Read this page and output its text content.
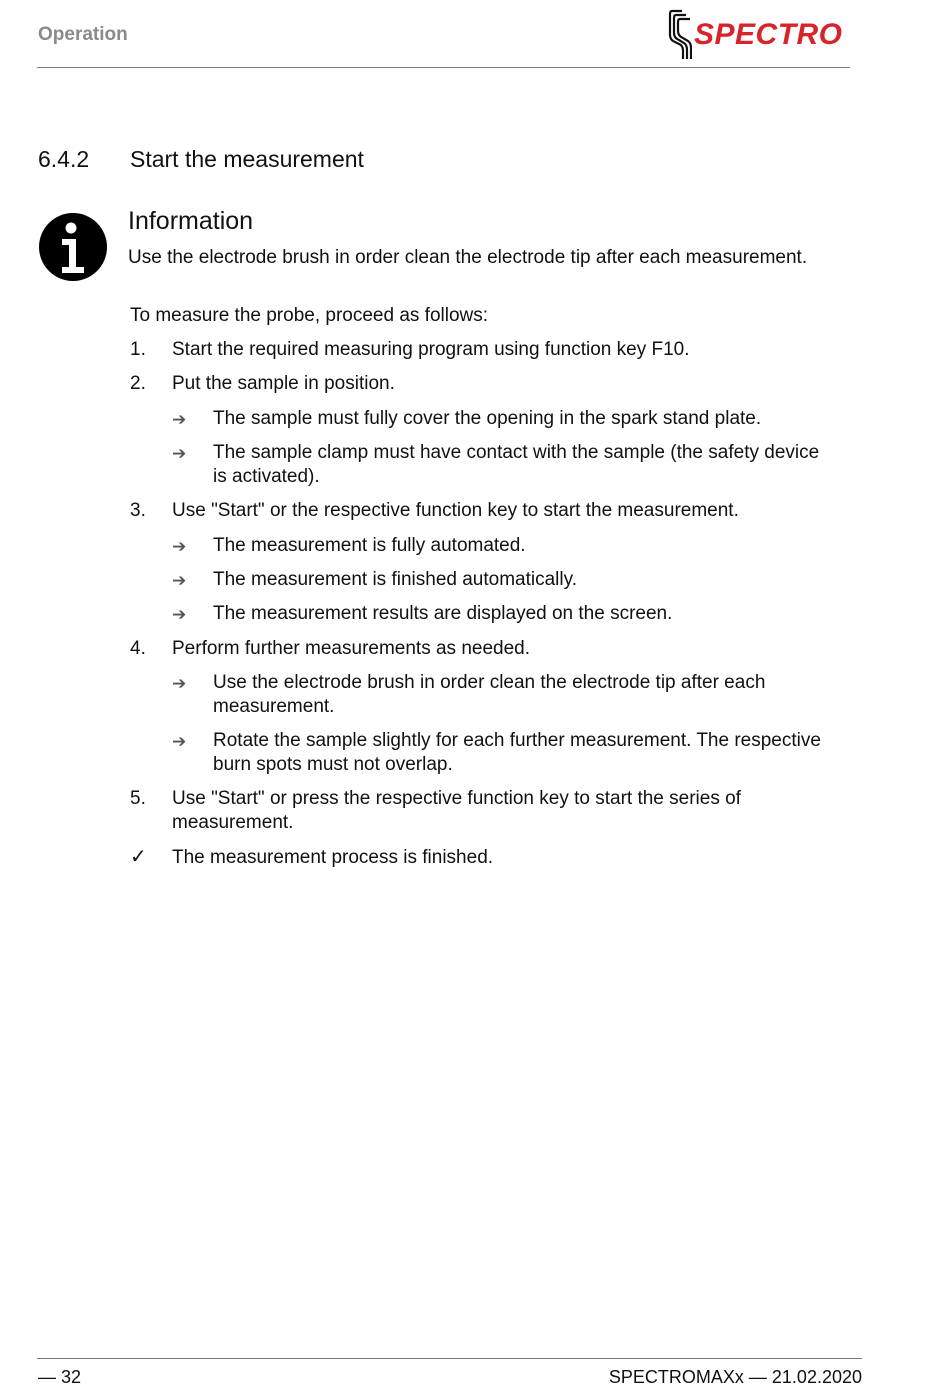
Operation	SPECTRO
6.4.2 Start the measurement
Information
Use the electrode brush in order clean the electrode tip after each measurement.
To measure the probe, proceed as follows:
1. Start the required measuring program using function key F10.
2. Put the sample in position.
➔ The sample must fully cover the opening in the spark stand plate.
➔ The sample clamp must have contact with the sample (the safety device
is activated).
3. Use "Start" or the respective function key to start the measurement.
➔ The measurement is fully automated.
➔ The measurement is finished automatically.
➔ The measurement results are displayed on the screen.
4. Perform further measurements as needed.
➔ Use the electrode brush in order clean the electrode tip after each
measurement.
➔ Rotate the sample slightly for each further measurement. The respective
burn spots must not overlap.
5. Use "Start" or press the respective function key to start the series of
measurement.
✓ The measurement process is finished.
— 32	SPECTROMAXx — 21.02.2020
